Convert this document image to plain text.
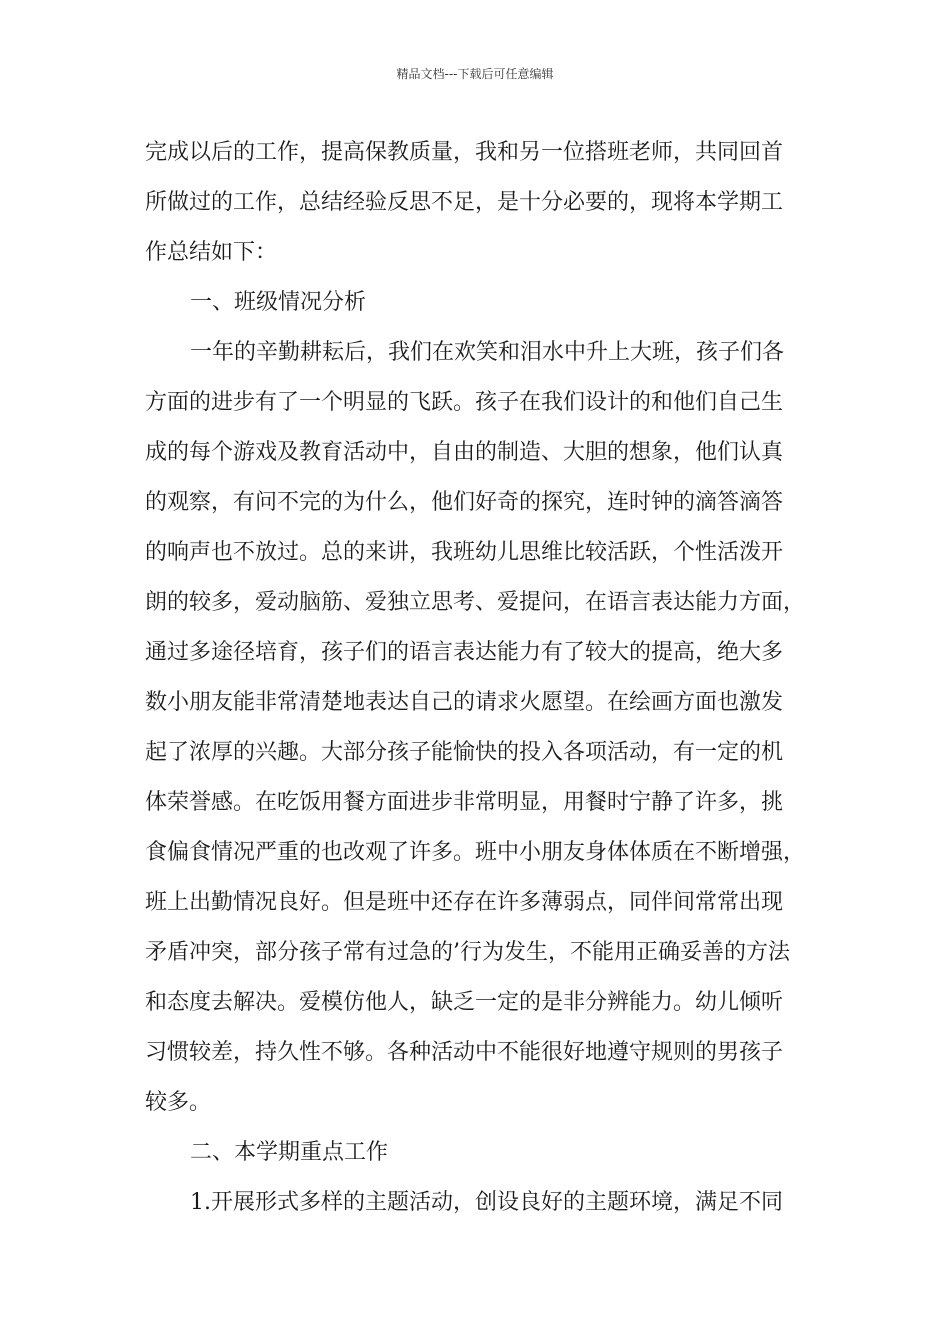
精品文档---下载后可任意编辑
完成以后的工作，提高保教质量，我和另一位搭班老师，共同回首
所做过的工作，总结经验反思不足，是十分必要的，现将本学期工
作总结如下：
一、班级情况分析
一年的辛勤耕耘后，我们在欢笑和泪水中升上大班，孩子们各
方面的进步有了一个明显的飞跃。孩子在我们设计的和他们自己生
成的每个游戏及教育活动中，自由的制造、大胆的想象，他们认真
的观察，有问不完的为什么，他们好奇的探究，连时钟的滴答滴答
的响声也不放过。总的来讲，我班幼儿思维比较活跃，个性活泼开
朗的较多，爱动脑筋、爱独立思考、爱提问，在语言表达能力方面，
通过多途径培育，孩子们的语言表达能力有了较大的提高，绝大多
数小朋友能非常清楚地表达自己的请求火愿望。在绘画方面也激发
起了浓厚的兴趣。大部分孩子能愉快的投入各项活动，有一定的机
体荣誉感。在吃饭用餐方面进步非常明显，用餐时宁静了许多，挑
食偏食情况严重的也改观了许多。班中小朋友身体体质在不断增强，
班上出勤情况良好。但是班中还存在许多薄弱点，同伴间常常出现
矛盾冲突，部分孩子常有过急的’行为发生，不能用正确妥善的方法
和态度去解决。爱模仿他人，缺乏一定的是非分辨能力。幼儿倾听
习惯较差，持久性不够。各种活动中不能很好地遵守规则的男孩子
较多。
二、本学期重点工作
1.开展形式多样的主题活动，创设良好的主题环境，满足不同
